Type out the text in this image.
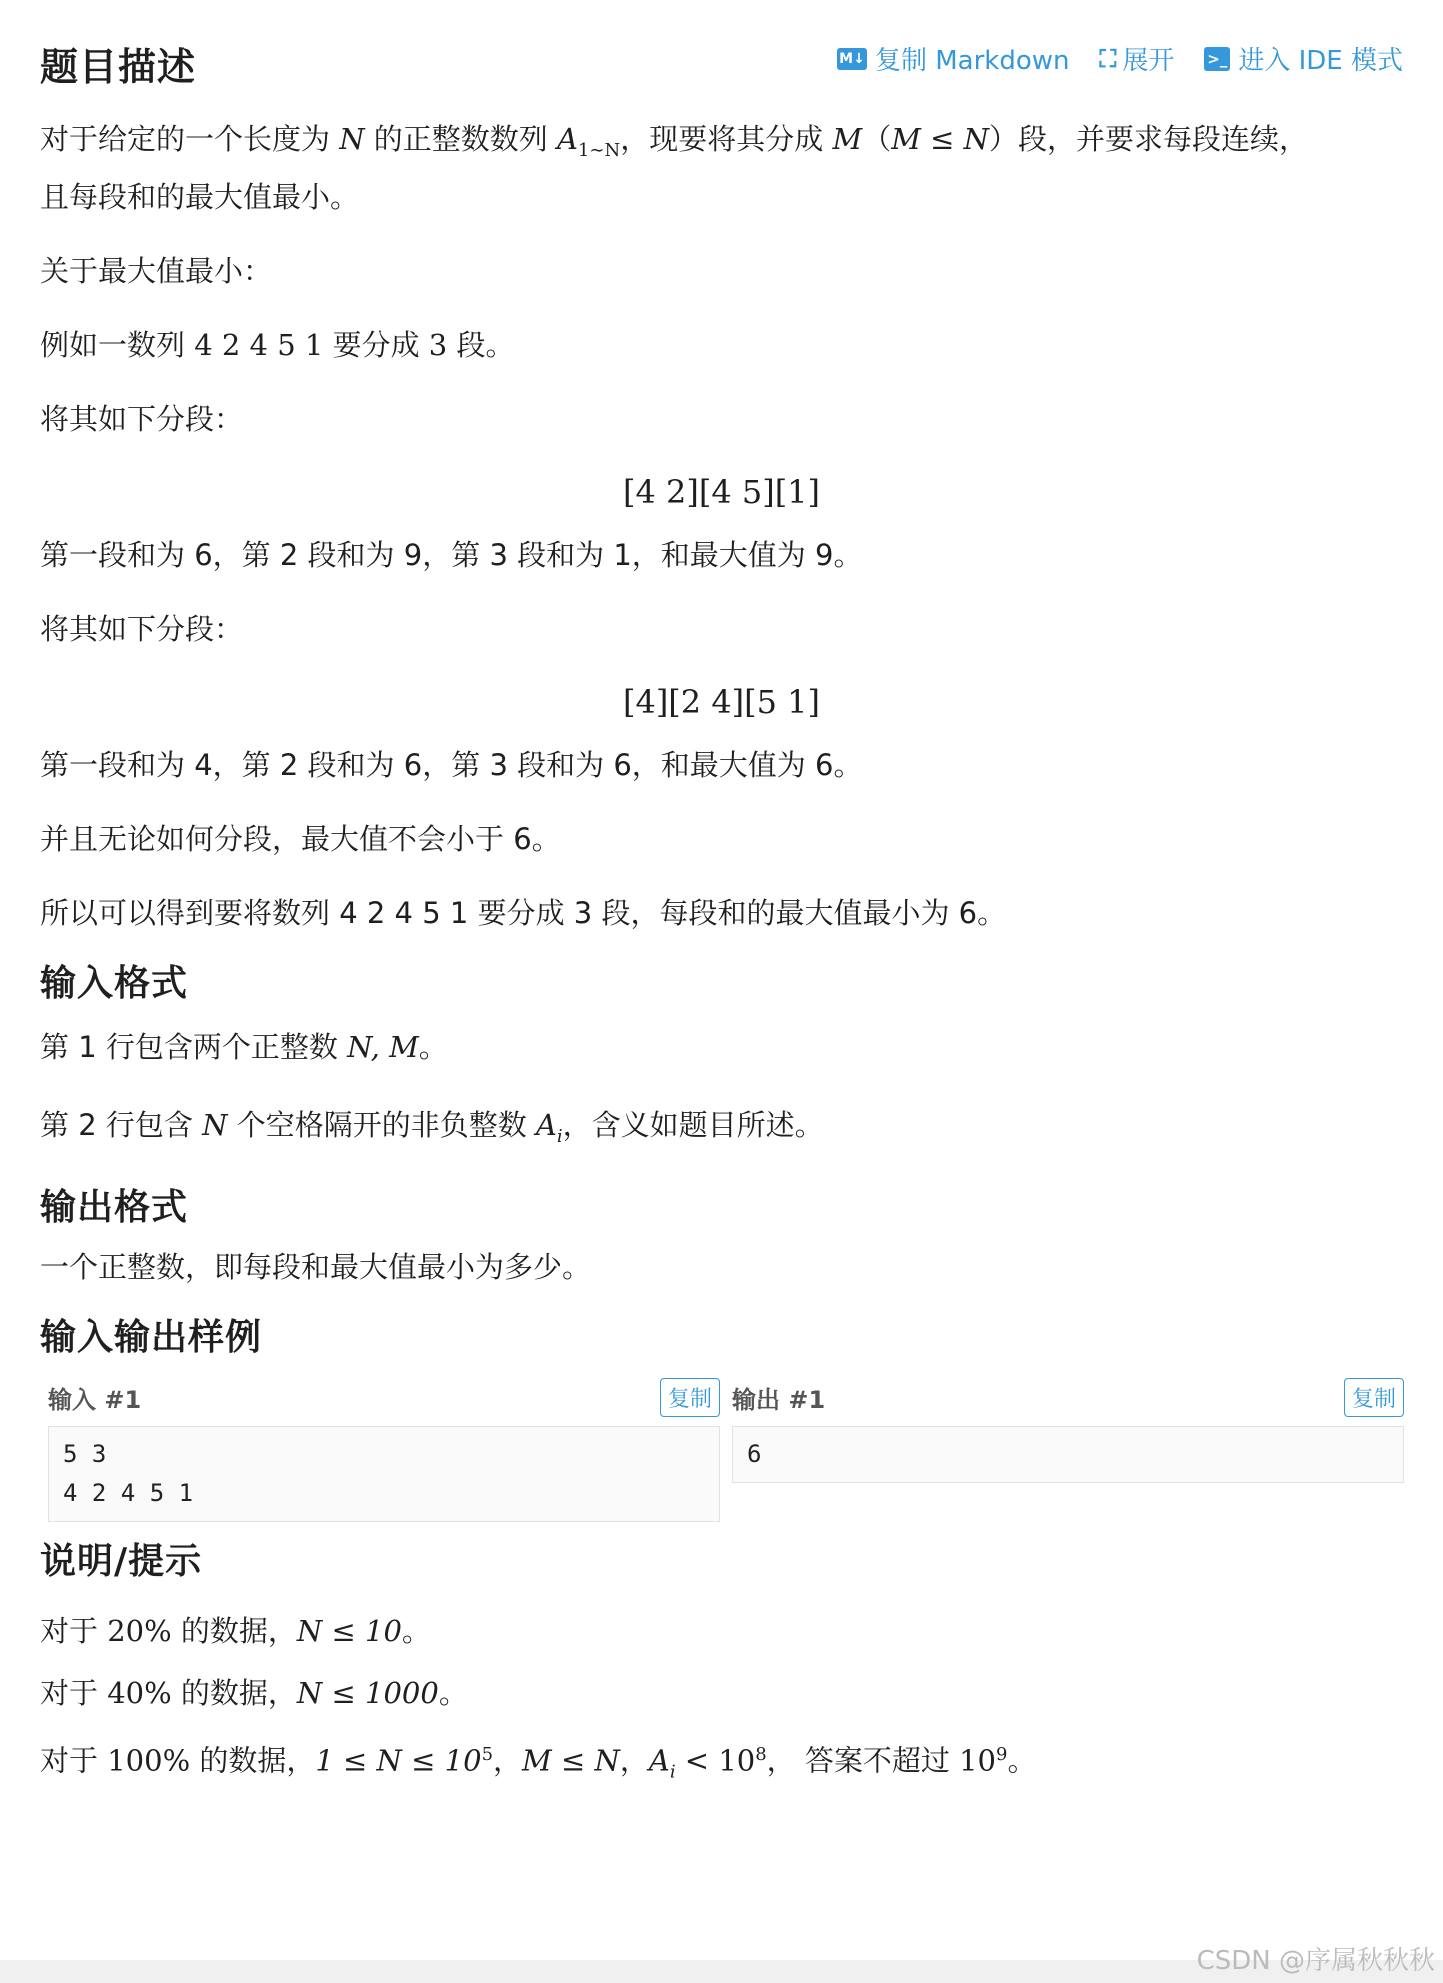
题目描述	M↓ 复制 Markdown ⛶ 展开 >_ 进入 IDE 模式

对于给定的一个长度为 N 的正整数数列 $A_{1\sim N}$，现要将其分成 M（M ≤ N）段，并要求每段连续，

且每段和的最大值最小。

关于最大值最小：

例如一数列 4 2 4 5 1 要分成 3 段。

将其如下分段：

[4 2][4 5][1]

第一段和为 6，第 2 段和为 9，第 3 段和为 1，和最大值为 9。

将其如下分段：

[4][2 4][5 1]

第一段和为 4，第 2 段和为 6，第 3 段和为 6，和最大值为 6。

并且无论如何分段，最大值不会小于 6。

所以可以得到要将数列 4 2 4 5 1 要分成 3 段，每段和的最大值最小为 6。

输入格式

第 1 行包含两个正整数 N, M。

第 2 行包含 N 个空格隔开的非负整数 $A_i$，含义如题目所述。

输出格式

一个正整数，即每段和最大值最小为多少。

输入输出样例
输入 #1	复制
5 3
4 2 4 5 1
输出 #1	复制
6
说明/提示

对于 20% 的数据，N ≤ 10。

对于 40% 的数据，N ≤ 1000。

对于 100% 的数据，$1 \le N \le 10^5$，M ≤ N，$A_i < 10^8$， 答案不超过 $10^9$。

CSDN @序属秋秋秋
